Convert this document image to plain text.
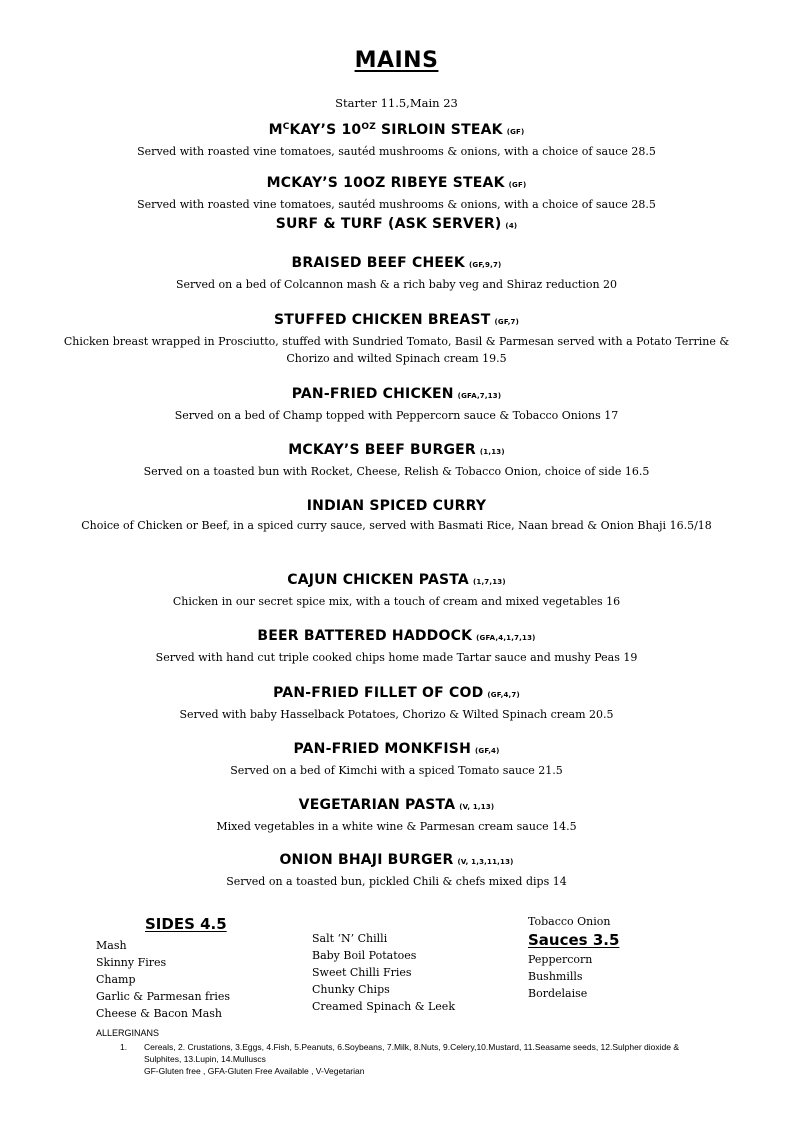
MAINS
Starter 11.5,Main 23
$M^CKAY’S$ $10^{OZ}$ SIRLOIN STEAK (GF)
Served with roasted vine tomatoes, sautéd mushrooms & onions, with a choice of sauce 28.5
MCKAY’S 10OZ RIBEYE STEAK (GF)
Served with roasted vine tomatoes, sautéd mushrooms & onions, with a choice of sauce 28.5
SURF & TURF (ASK SERVER) (4)
BRAISED BEEF CHEEK (GF,9,7)
Served on a bed of Colcannon mash & a rich baby veg and Shiraz reduction 20
STUFFED CHICKEN BREAST (GF,7)
Chicken breast wrapped in Prosciutto, stuffed with Sundried Tomato, Basil & Parmesan served with a Potato Terrine & Chorizo and wilted Spinach cream 19.5
PAN-FRIED CHICKEN (GFA,7,13)
Served on a bed of Champ topped with Peppercorn sauce & Tobacco Onions 17
MCKAY’S BEEF BURGER (1,13)
Served on a toasted bun with Rocket, Cheese, Relish & Tobacco Onion, choice of side 16.5
INDIAN SPICED CURRY
Choice of Chicken or Beef, in a spiced curry sauce, served with Basmati Rice, Naan bread & Onion Bhaji 16.5/18
CAJUN CHICKEN PASTA (1,7,13)
Chicken in our secret spice mix, with a touch of cream and mixed vegetables 16
BEER BATTERED HADDOCK (GFA,4,1,7,13)
Served with hand cut triple cooked chips home made Tartar sauce and mushy Peas 19
PAN-FRIED FILLET OF COD (GF,4,7)
Served with baby Hasselback Potatoes, Chorizo & Wilted Spinach cream 20.5
PAN-FRIED MONKFISH (GF,4)
Served on a bed of Kimchi with a spiced Tomato sauce 21.5
VEGETARIAN PASTA (V, 1,13)
Mixed vegetables in a white wine & Parmesan cream sauce 14.5
ONION BHAJI BURGER (V, 1,3,11,13)
Served on a toasted bun, pickled Chili & chefs mixed dips 14
SIDES 4.5
Mash
Skinny Fires
Champ
Garlic & Parmesan fries
Cheese & Bacon Mash
Salt ‘N’ Chilli
Baby Boil Potatoes
Sweet Chilli Fries
Chunky Chips
Creamed Spinach & Leek
Tobacco Onion
Sauces 3.5
Peppercorn
Bushmills
Bordelaise
ALLERGINANS
1. Cereals, 2. Crustations, 3.Eggs, 4.Fish, 5.Peanuts, 6.Soybeans, 7.Milk, 8.Nuts, 9.Celery,10.Mustard, 11.Seasame seeds, 12.Sulpher dioxide & Sulphites, 13.Lupin, 14.Mulluscs
GF-Gluten free , GFA-Gluten Free Available , V-Vegetarian
